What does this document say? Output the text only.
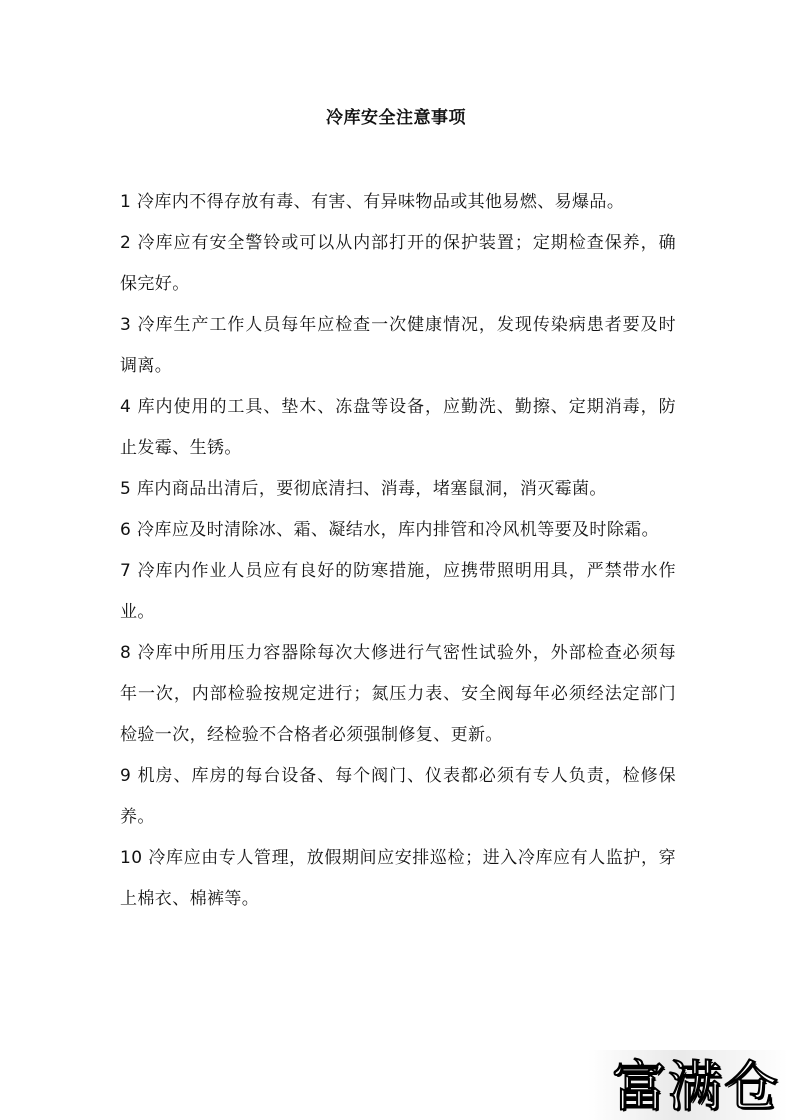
冷库安全注意事项

1 冷库内不得存放有毒、有害、有异味物品或其他易燃、易爆品。

2 冷库应有安全警铃或可以从内部打开的保护装置；定期检查保养，确保完好。

3 冷库生产工作人员每年应检查一次健康情况，发现传染病患者要及时调离。

4 库内使用的工具、垫木、冻盘等设备，应勤洗、勤擦、定期消毒，防止发霉、生锈。

5 库内商品出清后，要彻底清扫、消毒，堵塞鼠洞，消灭霉菌。

6 冷库应及时清除冰、霜、凝结水，库内排管和冷风机等要及时除霜。

7 冷库内作业人员应有良好的防寒措施，应携带照明用具，严禁带水作业。

8 冷库中所用压力容器除每次大修进行气密性试验外，外部检查必须每年一次，内部检验按规定进行；氮压力表、安全阀每年必须经法定部门检验一次，经检验不合格者必须强制修复、更新。

9 机房、库房的每台设备、每个阀门、仪表都必须有专人负责，检修保养。

10 冷库应由专人管理，放假期间应安排巡检；进入冷库应有人监护，穿上棉衣、棉裤等。

富满仓
